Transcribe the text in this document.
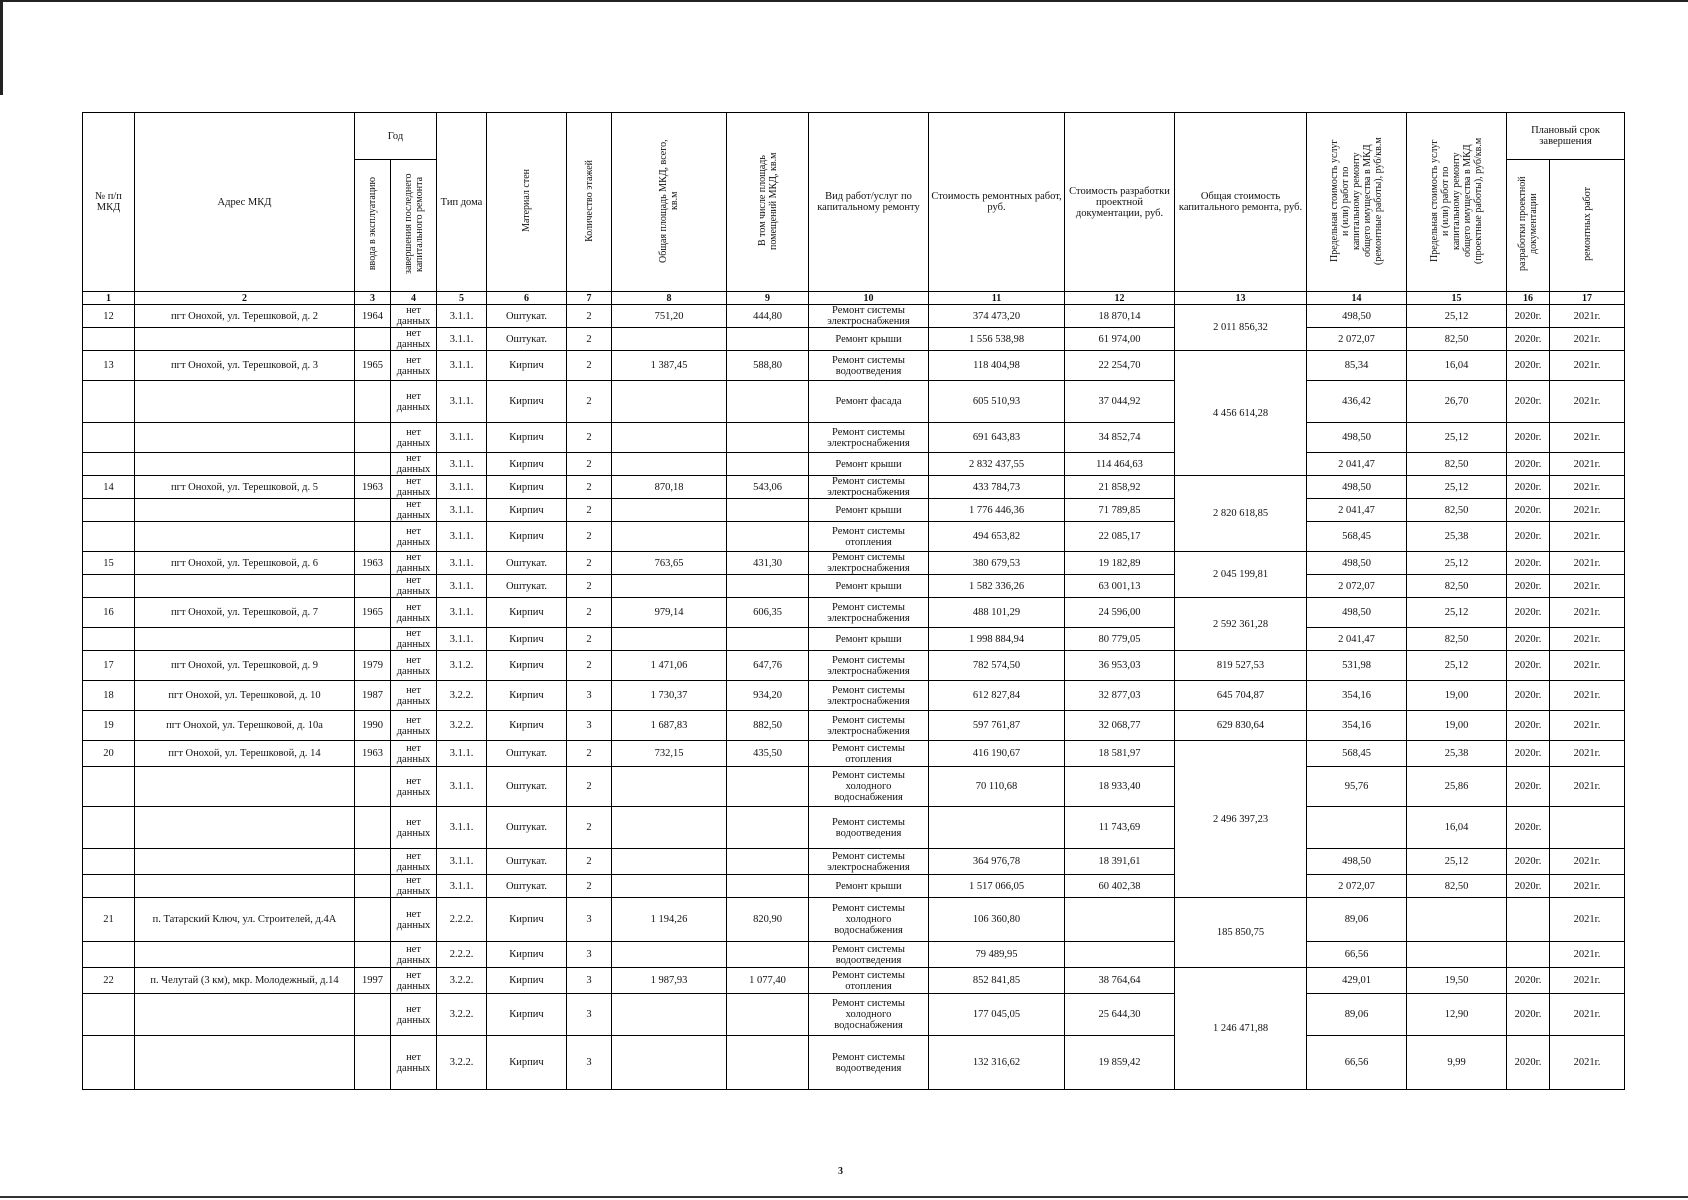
№ п/п МКД	Адрес МКД	Год		Тип дома	Материал стен	Количество этажей	Общая площадь МКД, всего, кв.м	В том числе площадь помещений МКД, кв.м	Вид работ/услуг по капитальному ремонту	Стоимость ремонтных работ, руб.	Стоимость разработки проектной документации, руб.	Общая стоимость капитального ремонта, руб.	Предельная стоимость услуг и (или) работ по капитальному ремонту общего имущества в МКД (ремонтные работы), руб/кв.м	Предельная стоимость услуг и (или) работ по капитальному ремонту общего имущества в МКД (проектные работы), руб/кв.м	Плановый срок завершения	
		ввода в эксплуатацию	завершения последнего капитального ремонта												разработки проектной документации	ремонтных работ
1	2	3	4	5	6	7	8	9	10	11	12	13	14	15	16	17
12	пгт Онохой, ул. Терешковой, д. 2	1964	нет данных	3.1.1.	Оштукат.	2	751,20	444,80	Ремонт системы электроснабжения	374 473,20	18 870,14	2 011 856,32	498,50	25,12	2020г.	2021г.
			нет данных	3.1.1.	Оштукат.	2			Ремонт крыши	1 556 538,98	61 974,00		2 072,07	82,50	2020г.	2021г.
13	пгт Онохой, ул. Терешковой, д. 3	1965	нет данных	3.1.1.	Кирпич	2	1 387,45	588,80	Ремонт системы водоотведения	118 404,98	22 254,70	4 456 614,28	85,34	16,04	2020г.	2021г.
			нет данных	3.1.1.	Кирпич	2			Ремонт фасада	605 510,93	37 044,92		436,42	26,70	2020г.	2021г.
			нет данных	3.1.1.	Кирпич	2			Ремонт системы электроснабжения	691 643,83	34 852,74		498,50	25,12	2020г.	2021г.
			нет данных	3.1.1.	Кирпич	2			Ремонт крыши	2 832 437,55	114 464,63		2 041,47	82,50	2020г.	2021г.
14	пгт Онохой, ул. Терешковой, д. 5	1963	нет данных	3.1.1.	Кирпич	2	870,18	543,06	Ремонт системы электроснабжения	433 784,73	21 858,92	2 820 618,85	498,50	25,12	2020г.	2021г.
			нет данных	3.1.1.	Кирпич	2			Ремонт крыши	1 776 446,36	71 789,85		2 041,47	82,50	2020г.	2021г.
			нет данных	3.1.1.	Кирпич	2			Ремонт системы отопления	494 653,82	22 085,17		568,45	25,38	2020г.	2021г.
15	пгт Онохой, ул. Терешковой, д. 6	1963	нет данных	3.1.1.	Оштукат.	2	763,65	431,30	Ремонт системы электроснабжения	380 679,53	19 182,89	2 045 199,81	498,50	25,12	2020г.	2021г.
			нет данных	3.1.1.	Оштукат.	2			Ремонт крыши	1 582 336,26	63 001,13		2 072,07	82,50	2020г.	2021г.
16	пгт Онохой, ул. Терешковой, д. 7	1965	нет данных	3.1.1.	Кирпич	2	979,14	606,35	Ремонт системы электроснабжения	488 101,29	24 596,00	2 592 361,28	498,50	25,12	2020г.	2021г.
			нет данных	3.1.1.	Кирпич	2			Ремонт крыши	1 998 884,94	80 779,05		2 041,47	82,50	2020г.	2021г.
17	пгт Онохой, ул. Терешковой, д. 9	1979	нет данных	3.1.2.	Кирпич	2	1 471,06	647,76	Ремонт системы электроснабжения	782 574,50	36 953,03	819 527,53	531,98	25,12	2020г.	2021г.
18	пгт Онохой, ул. Терешковой, д. 10	1987	нет данных	3.2.2.	Кирпич	3	1 730,37	934,20	Ремонт системы электроснабжения	612 827,84	32 877,03	645 704,87	354,16	19,00	2020г.	2021г.
19	пгт Онохой, ул. Терешковой, д. 10а	1990	нет данных	3.2.2.	Кирпич	3	1 687,83	882,50	Ремонт системы электроснабжения	597 761,87	32 068,77	629 830,64	354,16	19,00	2020г.	2021г.
20	пгт Онохой, ул. Терешковой, д. 14	1963	нет данных	3.1.1.	Оштукат.	2	732,15	435,50	Ремонт системы отопления	416 190,67	18 581,97	2 496 397,23	568,45	25,38	2020г.	2021г.
			нет данных	3.1.1.	Оштукат.	2			Ремонт системы холодного водоснабжения	70 110,68	18 933,40		95,76	25,86	2020г.	2021г.
			нет данных	3.1.1.	Оштукат.	2			Ремонт системы водоотведения		11 743,69			16,04	2020г.	
			нет данных	3.1.1.	Оштукат.	2			Ремонт системы электроснабжения	364 976,78	18 391,61		498,50	25,12	2020г.	2021г.
			нет данных	3.1.1.	Оштукат.	2			Ремонт крыши	1 517 066,05	60 402,38		2 072,07	82,50	2020г.	2021г.
21	п. Татарский Ключ, ул. Строителей, д.4А		нет данных	2.2.2.	Кирпич	3	1 194,26	820,90	Ремонт системы холодного водоснабжения	106 360,80		185 850,75	89,06			2021г.
			нет данных	2.2.2.	Кирпич	3			Ремонт системы водоотведения	79 489,95			66,56			2021г.
22	п. Челутай (3 км), мкр. Молодежный, д.14	1997	нет данных	3.2.2.	Кирпич	3	1 987,93	1 077,40	Ремонт системы отопления	852 841,85	38 764,64	1 246 471,88	429,01	19,50	2020г.	2021г.
			нет данных	3.2.2.	Кирпич	3			Ремонт системы холодного водоснабжения	177 045,05	25 644,30		89,06	12,90	2020г.	2021г.
			нет данных	3.2.2.	Кирпич	3			Ремонт системы водоотведения	132 316,62	19 859,42		66,56	9,99	2020г.	2021г.
3
